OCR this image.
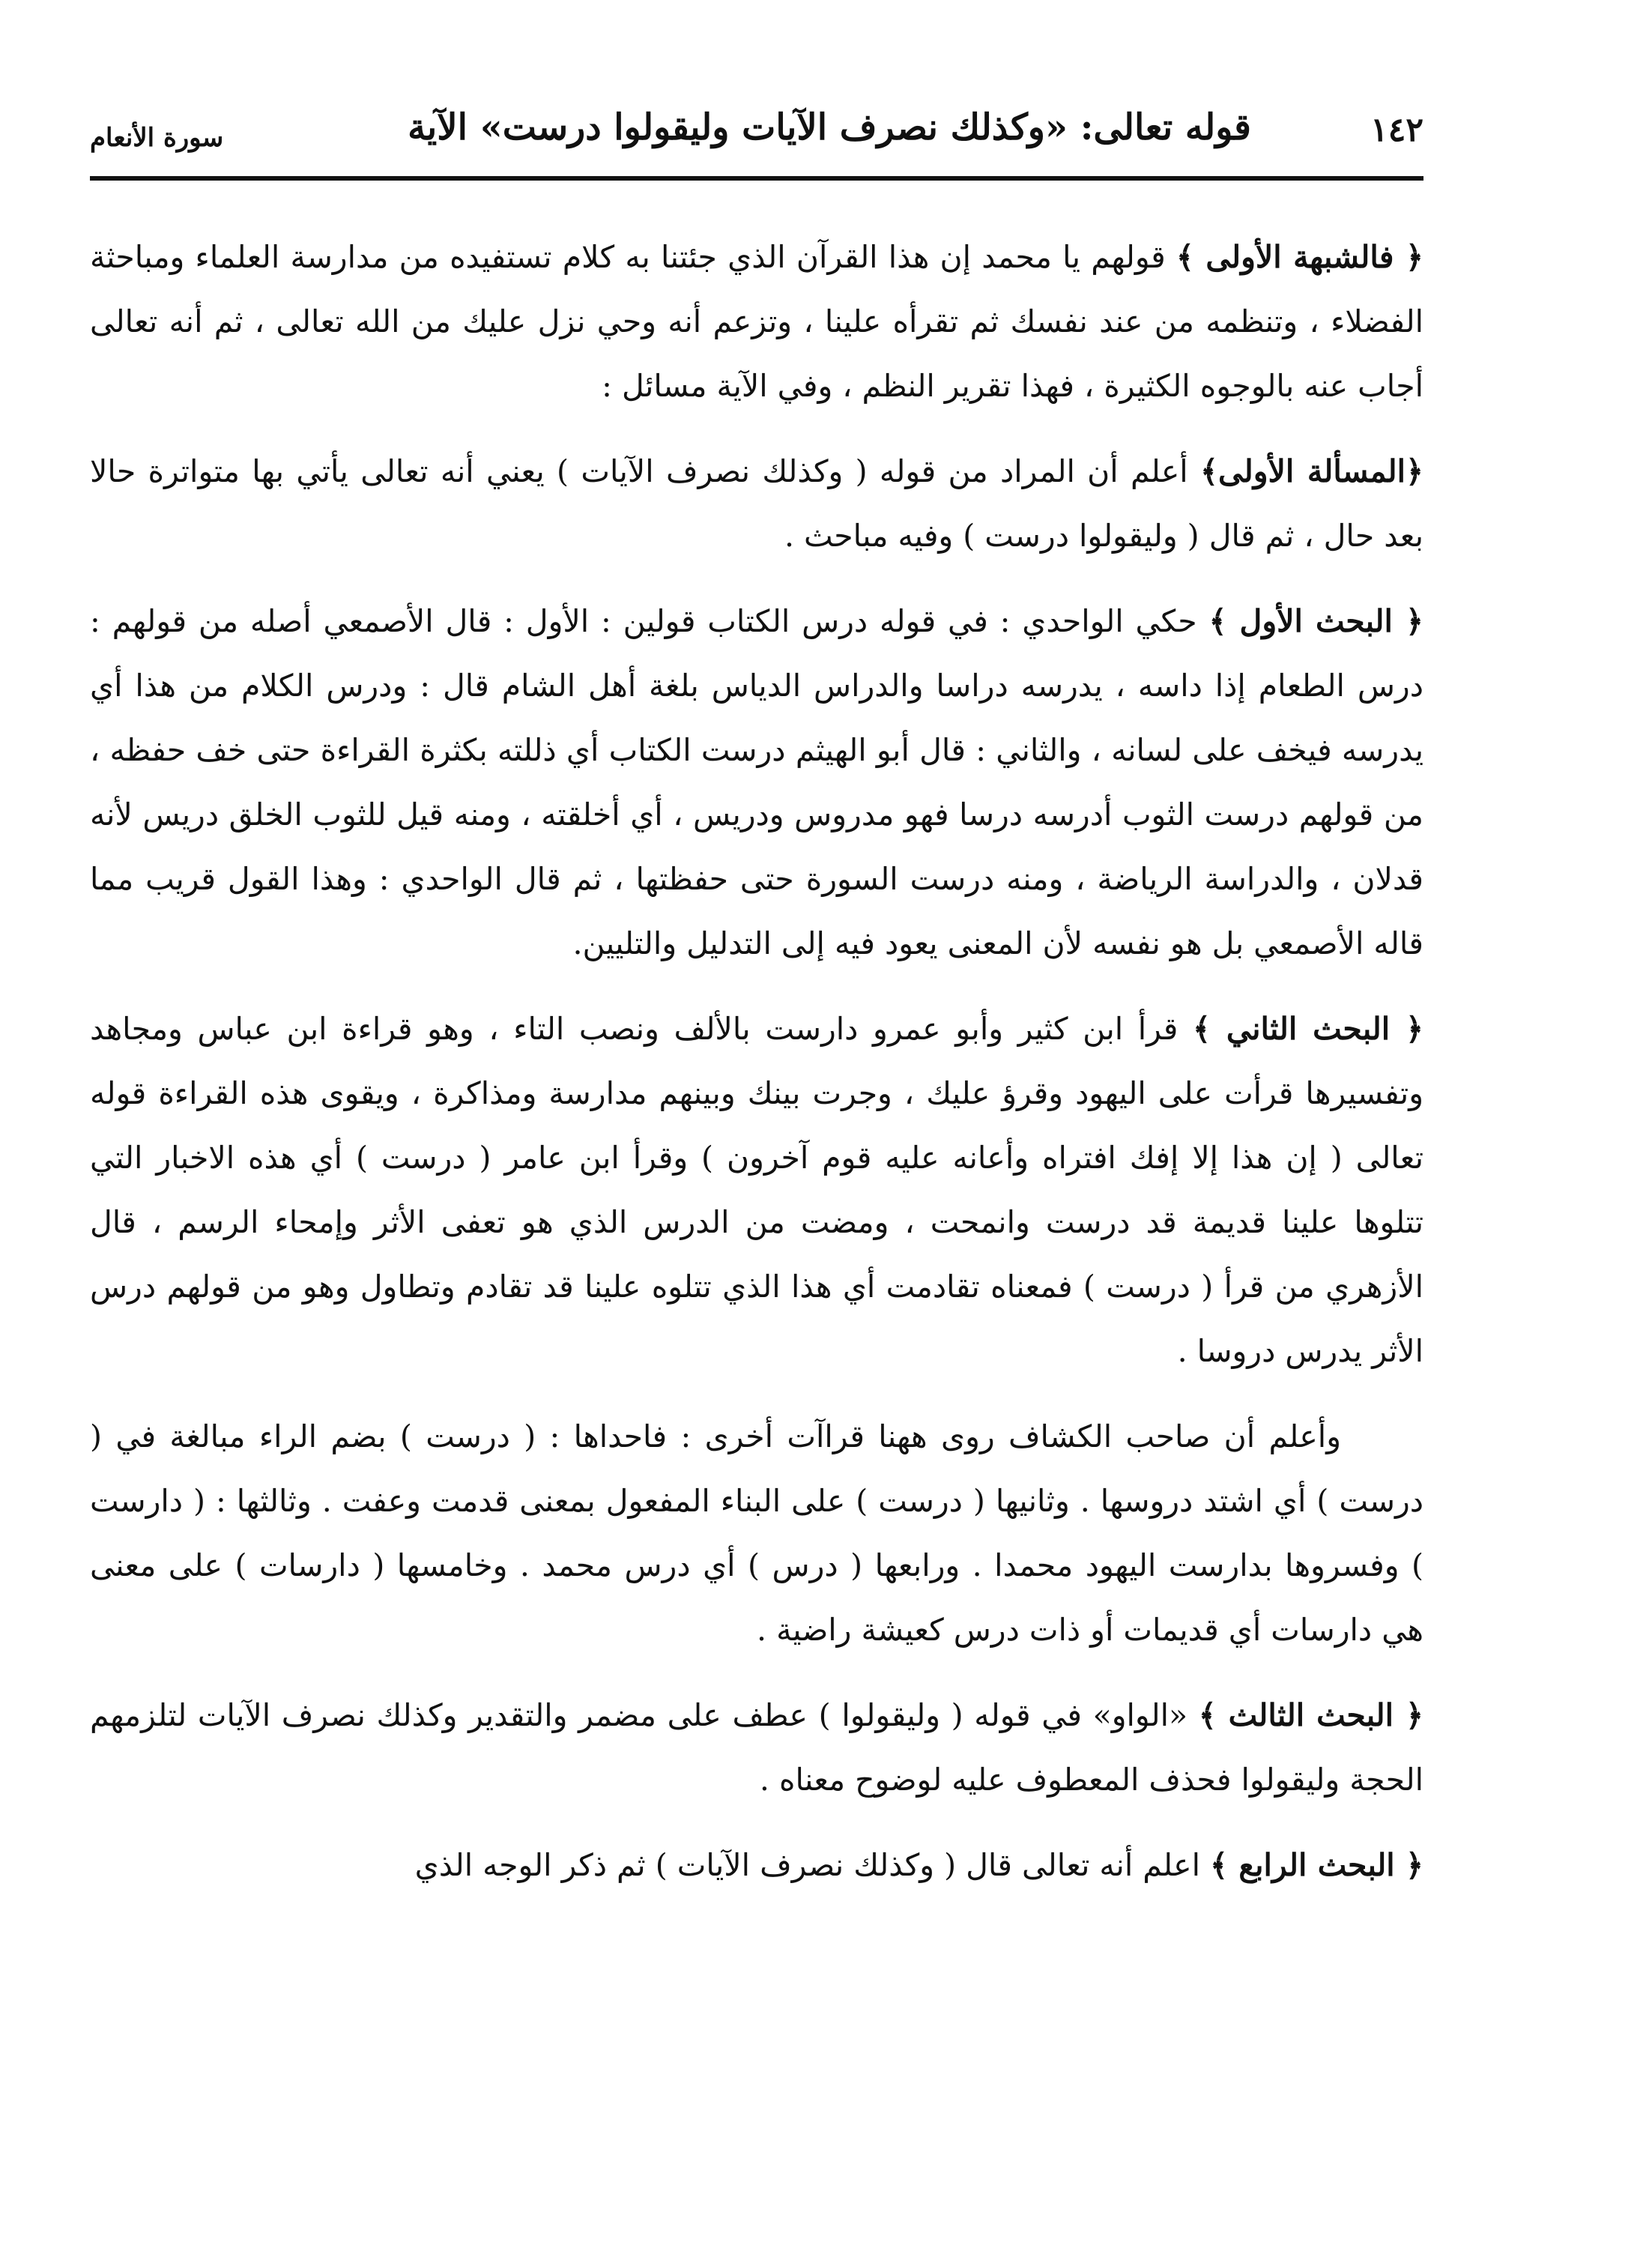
١٤٢
قوله تعالى: «وكذلك نصرف الآيات وليقولوا درست» الآية
سورة الأنعام

﴿ فالشبهة الأولى ﴾ قولهم يا محمد إن هذا القرآن الذي جئتنا به كلام تستفيده من مدارسة العلماء ومباحثة الفضلاء ، وتنظمه من عند نفسك ثم تقرأه علينا ، وتزعم أنه وحي نزل عليك من الله تعالى ، ثم أنه تعالى أجاب عنه بالوجوه الكثيرة ، فهذا تقرير النظم ، وفي الآية مسائل :

﴿المسألة الأولى﴾ أعلم أن المراد من قوله ( وكذلك نصرف الآيات ) يعني أنه تعالى يأتي بها متواترة حالا بعد حال ، ثم قال ( وليقولوا درست ) وفيه مباحث .

﴿ البحث الأول ﴾ حكي الواحدي : في قوله درس الكتاب قولين : الأول : قال الأصمعي أصله من قولهم : درس الطعام إذا داسه ، يدرسه دراسا والدراس الدياس بلغة أهل الشام قال : ودرس الكلام من هذا أي يدرسه فيخف على لسانه ، والثاني : قال أبو الهيثم درست الكتاب أي ذللته بكثرة القراءة حتى خف حفظه ، من قولهم درست الثوب أدرسه درسا فهو مدروس ودريس ، أي أخلقته ، ومنه قيل للثوب الخلق دريس لأنه قدلان ، والدراسة الرياضة ، ومنه درست السورة حتى حفظتها ، ثم قال الواحدي : وهذا القول قريب مما قاله الأصمعي بل هو نفسه لأن المعنى يعود فيه إلى التدليل والتليين.

﴿ البحث الثاني ﴾ قرأ ابن كثير وأبو عمرو دارست بالألف ونصب التاء ، وهو قراءة ابن عباس ومجاهد وتفسيرها قرأت على اليهود وقرؤ عليك ، وجرت بينك وبينهم مدارسة ومذاكرة ، ويقوى هذه القراءة قوله تعالى ( إن هذا إلا إفك افتراه وأعانه عليه قوم آخرون ) وقرأ ابن عامر ( درست ) أي هذه الاخبار التي تتلوها علينا قديمة قد درست وانمحت ، ومضت من الدرس الذي هو تعفى الأثر وإمحاء الرسم ، قال الأزهري من قرأ ( درست ) فمعناه تقادمت أي هذا الذي تتلوه علينا قد تقادم وتطاول وهو من قولهم درس الأثر يدرس دروسا .

وأعلم أن صاحب الكشاف روى ههنا قراآت أخرى : فاحداها : ( درست ) بضم الراء مبالغة في ( درست ) أي اشتد دروسها . وثانيها ( درست ) على البناء المفعول بمعنى قدمت وعفت . وثالثها : ( دارست ) وفسروها بدارست اليهود محمدا . ورابعها ( درس ) أي درس محمد . وخامسها ( دارسات ) على معنى هي دارسات أي قديمات أو ذات درس كعيشة راضية .

﴿ البحث الثالث ﴾ «الواو» في قوله ( وليقولوا ) عطف على مضمر والتقدير وكذلك نصرف الآيات لتلزمهم الحجة وليقولوا فحذف المعطوف عليه لوضوح معناه .

﴿ البحث الرابع ﴾ اعلم أنه تعالى قال ( وكذلك نصرف الآيات ) ثم ذكر الوجه الذي
